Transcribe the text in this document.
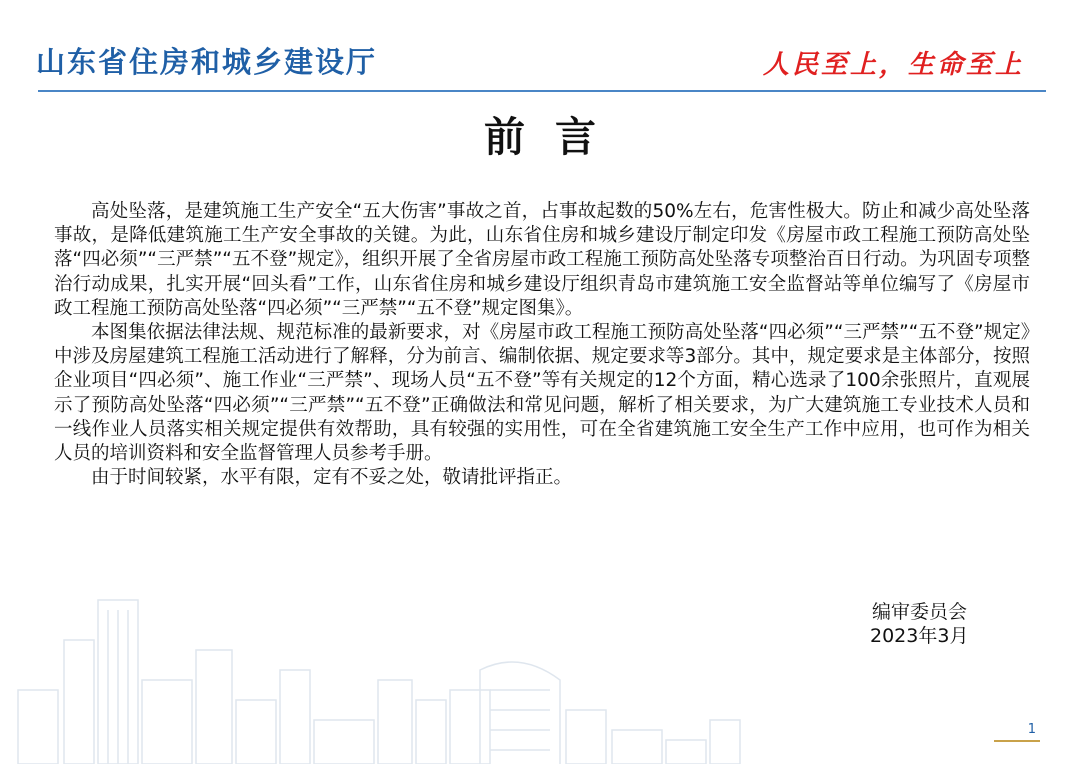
山东省住房和城乡建设厅	人民至上，生命至上
前言

高处坠落，是建筑施工生产安全“五大伤害”事故之首，占事故起数的50%左右，危害性极大。防止和减少高处坠落事故，是降低建筑施工生产安全事故的关键。为此，山东省住房和城乡建设厅制定印发《房屋市政工程施工预防高处坠落“四必须”“三严禁”“五不登”规定》，组织开展了全省房屋市政工程施工预防高处坠落专项整治百日行动。为巩固专项整治行动成果，扎实开展“回头看”工作，山东省住房和城乡建设厅组织青岛市建筑施工安全监督站等单位编写了《房屋市政工程施工预防高处坠落“四必须”“三严禁”“五不登”规定图集》。

本图集依据法律法规、规范标准的最新要求，对《房屋市政工程施工预防高处坠落“四必须”“三严禁”“五不登”规定》中涉及房屋建筑工程施工活动进行了解释，分为前言、编制依据、规定要求等3部分。其中，规定要求是主体部分，按照企业项目“四必须”、施工作业“三严禁”、现场人员“五不登”等有关规定的12个方面，精心选录了100余张照片，直观展示了预防高处坠落“四必须”“三严禁”“五不登”正确做法和常见问题，解析了相关要求，为广大建筑施工专业技术人员和一线作业人员落实相关规定提供有效帮助，具有较强的实用性，可在全省建筑施工安全生产工作中应用，也可作为相关人员的培训资料和安全监督管理人员参考手册。

由于时间较紧，水平有限，定有不妥之处，敬请批评指正。

编审委员会
2023年3月
1
